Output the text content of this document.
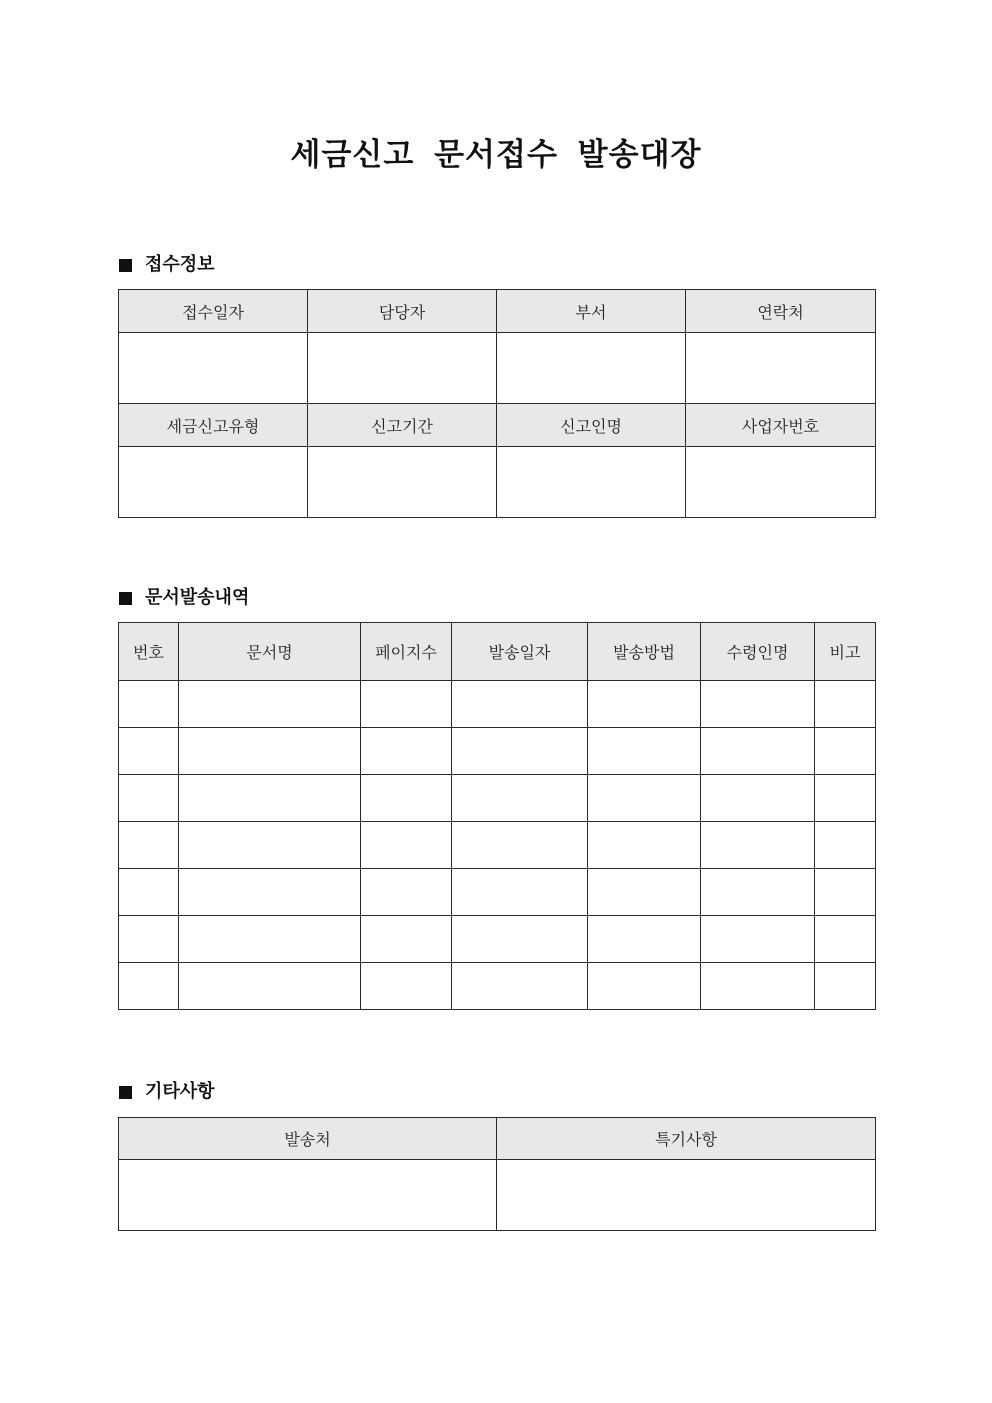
세금신고 문서접수 발송대장
접수정보
접수일자	담당자	부서	연락처

세금신고유형	신고기간	신고인명	사업자번호

문서발송내역
번호	문서명	페이지수	발송일자	발송방법	수령인명	비고

기타사항
발송처	특기사항
